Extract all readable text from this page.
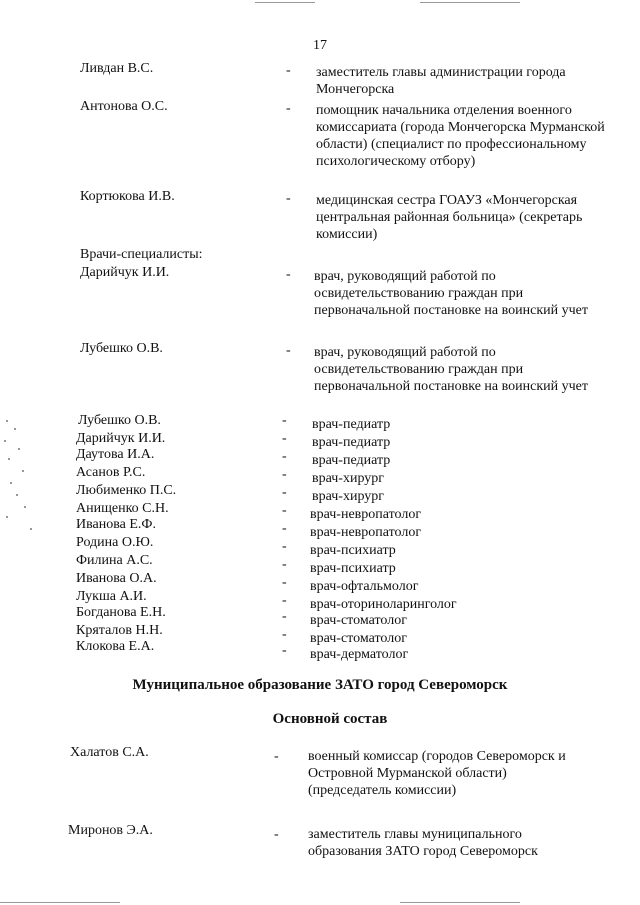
17
Ливдан В.С.	- заместитель главы администрации города Мончегорска
Антонова О.С.	- помощник начальника отделения военного комиссариата (города Мончегорска Мурманской области) (специалист по профессиональному психологическому отбору)
Кортюкова И.В.	- медицинская сестра ГОАУЗ «Мончегорская центральная районная больница» (секретарь комиссии)
Врачи-специалисты:
Дарийчук И.И.	- врач, руководящий работой по освидетельствованию граждан при первоначальной постановке на воинский учет
Лубешко О.В.	- врач, руководящий работой по освидетельствованию граждан при первоначальной постановке на воинский учет
Лубешко О.В.	- врач-педиатр
Дарийчук И.И.	- врач-педиатр
Даутова И.А.	- врач-педиатр
Асанов Р.С.	- врач-хирург
Любименко П.С.	- врач-хирург
Анищенко С.Н.	- врач-невропатолог
Иванова Е.Ф.	- врач-невропатолог
Родина О.Ю.	- врач-психиатр
Филина А.С.	- врач-психиатр
Иванова О.А.	- врач-офтальмолог
Лукша А.И.	- врач-оториноларинголог
Богданова Е.Н.	- врач-стоматолог
Кряталов Н.Н.	- врач-стоматолог
Клокова Е.А.	- врач-дерматолог
Муниципальное образование ЗАТО город Североморск
Основной состав
Халатов С.А.	- военный комиссар (городов Североморск и Островной Мурманской области) (председатель комиссии)
Миронов Э.А.	- заместитель главы муниципального образования ЗАТО город Североморск
